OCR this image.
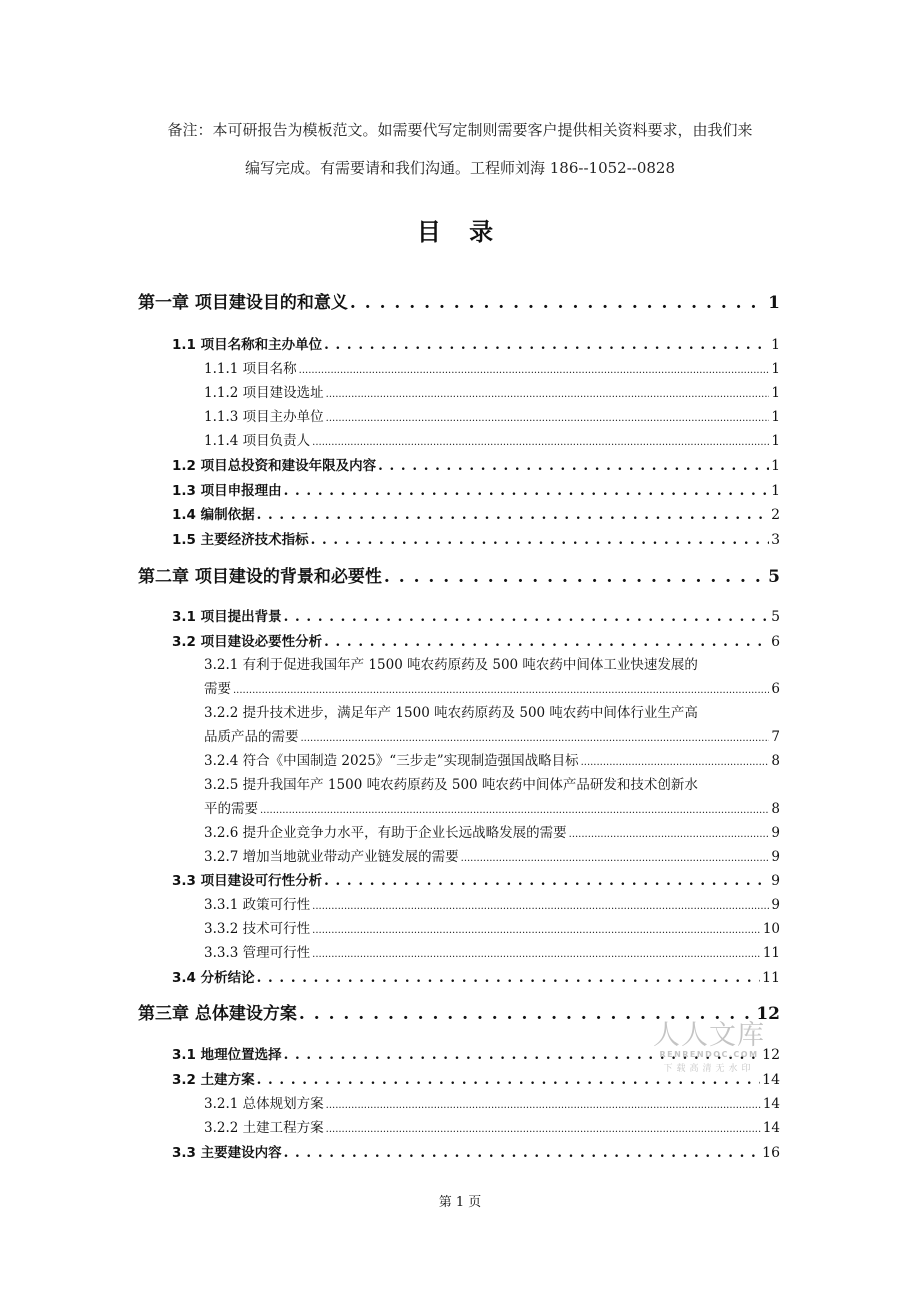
备注：本可研报告为模板范文。如需要代写定制则需要客户提供相关资料要求，由我们来
编写完成。有需要请和我们沟通。工程师刘海 186--1052--0828
目 录
第一章 项目建设目的和意义 . . .	1
1.1 项目名称和主办单位 . . .	1
1.1.1 项目名称 .....	1
1.1.2 项目建设选址 .....	1
1.1.3 项目主办单位 .....	1
1.1.4 项目负责人 .....	1
1.2 项目总投资和建设年限及内容 . . .	1
1.3 项目申报理由 . . .	1
1.4 编制依据 . . .	2
1.5 主要经济技术指标 . . .	3
第二章 项目建设的背景和必要性 . . .	5
3.1 项目提出背景 . . .	5
3.2 项目建设必要性分析 . . .	6
3.2.1 有利于促进我国年产 1500 吨农药原药及 500 吨农药中间体工业快速发展的
需要 .....	6
3.2.2 提升技术进步，满足年产 1500 吨农药原药及 500 吨农药中间体行业生产高
品质产品的需要 .....	7
3.2.4 符合《中国制造 2025》“三步走”实现制造强国战略目标 .....	8
3.2.5 提升我国年产 1500 吨农药原药及 500 吨农药中间体产品研发和技术创新水
平的需要 .....	8
3.2.6 提升企业竞争力水平，有助于企业长远战略发展的需要 .....	9
3.2.7 增加当地就业带动产业链发展的需要 .....	9
3.3 项目建设可行性分析 . . .	9
3.3.1 政策可行性 .....	9
3.3.2 技术可行性 .....	10
3.3.3 管理可行性 .....	11
3.4 分析结论 . . .	11
第三章 总体建设方案 . . .	12
3.1 地理位置选择 . . .	12
3.2 土建方案 . . .	14
3.2.1 总体规划方案 .....	14
3.2.2 土建工程方案 .....	14
3.3 主要建设内容 . . .	16
人人文库
RENRENDOC.COM
下载高清无水印
第 1 页
